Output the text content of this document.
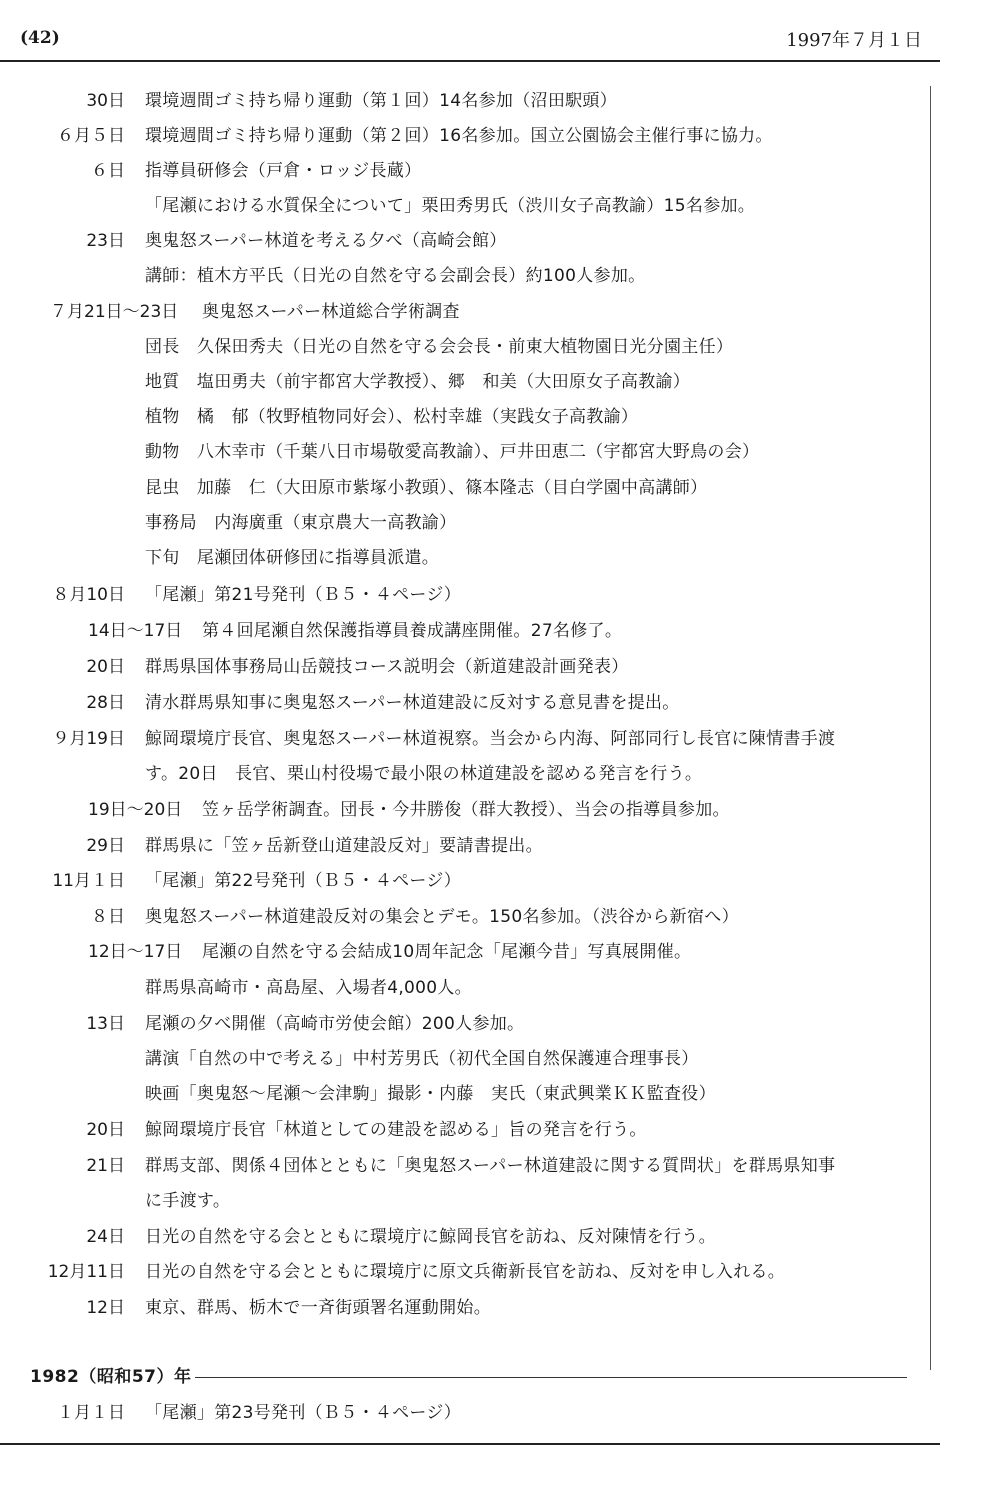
(42)	1997年７月１日
30日 環境週間ゴミ持ち帰り運動（第１回）14名参加（沼田駅頭）
６月５日 環境週間ゴミ持ち帰り運動（第２回）16名参加。国立公園協会主催行事に協力。
６日 指導員研修会（戸倉・ロッジ長蔵）
「尾瀬における水質保全について」栗田秀男氏（渋川女子高教諭）15名参加。
23日 奥鬼怒スーパー林道を考える夕べ（高崎会館）
講師：植木方平氏（日光の自然を守る会副会長）約100人参加。
７月21日～23日 奥鬼怒スーパー林道総合学術調査
団長　久保田秀夫（日光の自然を守る会会長・前東大植物園日光分園主任）
地質　塩田勇夫（前宇都宮大学教授）、郷　和美（大田原女子高教諭）
植物　橘　郁（牧野植物同好会）、松村幸雄（実践女子高教諭）
動物　八木幸市（千葉八日市場敬愛高教諭）、戸井田恵二（宇都宮大野鳥の会）
昆虫　加藤　仁（大田原市紫塚小教頭）、篠本隆志（目白学園中高講師）
事務局　内海廣重（東京農大一高教諭）
下旬　尾瀬団体研修団に指導員派遣。
８月10日 「尾瀬」第21号発刊（Ｂ５・４ページ）
14日～17日 第４回尾瀬自然保護指導員養成講座開催。27名修了。
20日 群馬県国体事務局山岳競技コース説明会（新道建設計画発表）
28日 清水群馬県知事に奥鬼怒スーパー林道建設に反対する意見書を提出。
９月19日 鯨岡環境庁長官、奥鬼怒スーパー林道視察。当会から内海、阿部同行し長官に陳情書手渡
す。20日　長官、栗山村役場で最小限の林道建設を認める発言を行う。
19日～20日 笠ヶ岳学術調査。団長・今井勝俊（群大教授）、当会の指導員参加。
29日 群馬県に「笠ヶ岳新登山道建設反対」要請書提出。
11月１日 「尾瀬」第22号発刊（Ｂ５・４ページ）
８日 奥鬼怒スーパー林道建設反対の集会とデモ。150名参加。（渋谷から新宿へ）
12日～17日 尾瀬の自然を守る会結成10周年記念「尾瀬今昔」写真展開催。
群馬県高崎市・高島屋、入場者4,000人。
13日 尾瀬の夕べ開催（高崎市労使会館）200人参加。
講演「自然の中で考える」中村芳男氏（初代全国自然保護連合理事長）
映画「奥鬼怒～尾瀬～会津駒」撮影・内藤　実氏（東武興業ＫＫ監査役）
20日 鯨岡環境庁長官「林道としての建設を認める」旨の発言を行う。
21日 群馬支部、関係４団体とともに「奥鬼怒スーパー林道建設に関する質問状」を群馬県知事
に手渡す。
24日 日光の自然を守る会とともに環境庁に鯨岡長官を訪ね、反対陳情を行う。
12月11日 日光の自然を守る会とともに環境庁に原文兵衛新長官を訪ね、反対を申し入れる。
12日 東京、群馬、栃木で一斉街頭署名運動開始。
1982（昭和57）年
１月１日 「尾瀬」第23号発刊（Ｂ５・４ページ）
